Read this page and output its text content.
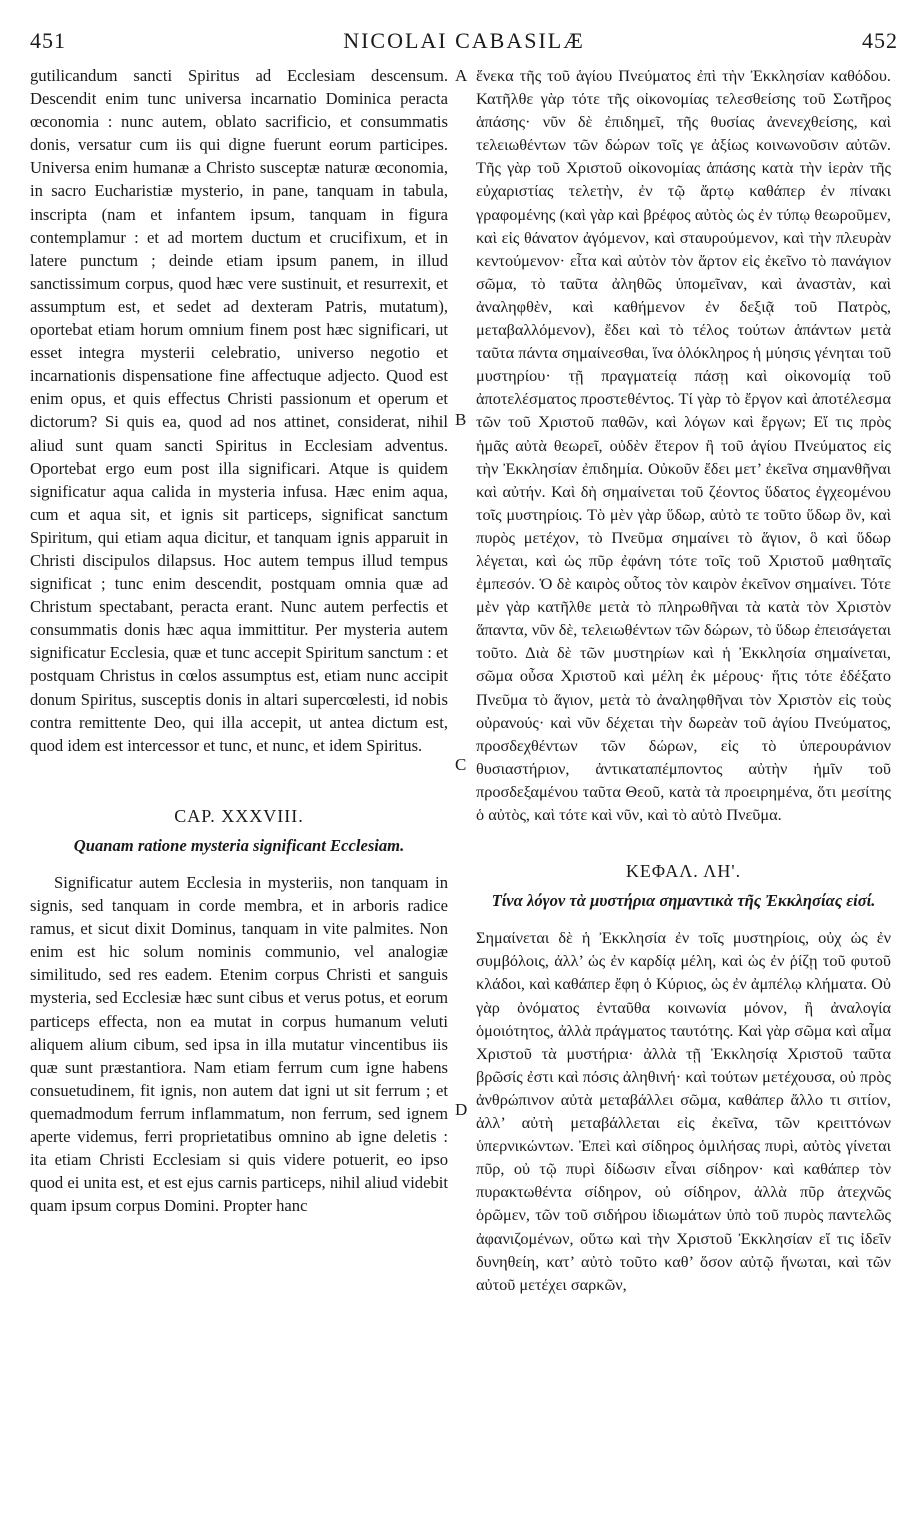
451	NICOLAI CABASILÆ	452

gutilicandum sancti Spiritus ad Ecclesiam descensum. Descendit enim tunc universa incarnatio Dominica peracta œconomia : nunc autem, oblato sacrificio, et consummatis donis, versatur cum iis qui digne fuerunt eorum participes. Universa enim humanæ a Christo susceptæ naturæ œconomia, in sacro Eucharistiæ mysterio, in pane, tanquam in tabula, inscripta (nam et infantem ipsum, tanquam in figura contemplamur : et ad mortem ductum et crucifixum, et in latere punctum ; deinde etiam ipsum panem, in illud sanctissimum corpus, quod hæc vere sustinuit, et resurrexit, et assumptum est, et sedet ad dexteram Patris, mutatum), oportebat etiam horum omnium finem post hæc significari, ut esset integra mysterii celebratio, universo negotio et incarnationis dispensatione fine affectuque adjecto. Quod est enim opus, et quis effectus Christi passionum et operum et dictorum? Si quis ea, quod ad nos attinet, considerat, nihil aliud sunt quam sancti Spiritus in Ecclesiam adventus. Oportebat ergo eum post illa significari. Atque is quidem significatur aqua calida in mysteria infusa. Hæc enim aqua, cum et aqua sit, et ignis sit particeps, significat sanctum Spiritum, qui etiam aqua dicitur, et tanquam ignis apparuit in Christi discipulos dilapsus. Hoc autem tempus illud tempus significat ; tunc enim descendit, postquam omnia quæ ad Christum spectabant, peracta erant. Nunc autem perfectis et consummatis donis hæc aqua immittitur. Per mysteria autem significatur Ecclesia, quæ et tunc accepit Spiritum sanctum : et postquam Christus in cœlos assumptus est, etiam nunc accipit donum Spiritus, susceptis donis in altari supercœlesti, id nobis contra remittente Deo, qui illa accepit, ut antea dictum est, quod idem est intercessor et tunc, et nunc, et idem Spiritus.

CAP. XXXVIII.
Quanam ratione mysteria significant Ecclesiam.

Significatur autem Ecclesia in mysteriis, non tanquam in signis, sed tanquam in corde membra, et in arboris radice ramus, et sicut dixit Dominus, tanquam in vite palmites. Non enim est hic solum nominis communio, vel analogiæ similitudo, sed res eadem. Etenim corpus Christi et sanguis mysteria, sed Ecclesiæ hæc sunt cibus et verus potus, et eorum particeps effecta, non ea mutat in corpus humanum veluti aliquem alium cibum, sed ipsa in illa mutatur vincentibus iis quæ sunt præstantiora. Nam etiam ferrum cum igne habens consuetudinem, fit ignis, non autem dat igni ut sit ferrum ; et quemadmodum ferrum inflammatum, non ferrum, sed ignem aperte videmus, ferri proprietatibus omnino ab igne deletis : ita etiam Christi Ecclesiam si quis videre potuerit, eo ipso quod ei unita est, et est ejus carnis particeps, nihil aliud videbit quam ipsum corpus Domini. Propter hanc

ἕνεκα τῆς τοῦ ἁγίου Πνεύματος ἐπὶ τὴν Ἐκκλησίαν καθόδου. Κατῆλθε γὰρ τότε τῆς οἰκονομίας τελεσθείσης τοῦ Σωτῆρος ἁπάσης· νῦν δὲ ἐπιδημεῖ, τῆς θυσίας ἀνενεχθείσης, καὶ τελειωθέντων τῶν δώρων τοῖς γε ἀξίως κοινωνοῦσιν αὐτῶν. Τῆς γὰρ τοῦ Χριστοῦ οἰκονομίας ἁπάσης κατὰ τὴν ἱερὰν τῆς εὐχαριστίας τελετὴν, ἐν τῷ ἄρτῳ καθάπερ ἐν πίνακι γραφομένης (καὶ γὰρ καὶ βρέφος αὐτὸς ὡς ἐν τύπῳ θεωροῦμεν, καὶ εἰς θάνατον ἀγόμενον, καὶ σταυρούμενον, καὶ τὴν πλευρὰν κεντούμενον· εἶτα καὶ αὐτὸν τὸν ἄρτον εἰς ἐκεῖνο τὸ πανάγιον σῶμα, τὸ ταῦτα ἀληθῶς ὑπομεῖναν, καὶ ἀναστὰν, καὶ ἀναληφθὲν, καὶ καθήμενον ἐν δεξιᾷ τοῦ Πατρὸς, μεταβαλλόμενον), ἔδει καὶ τὸ τέλος τούτων ἁπάντων μετὰ ταῦτα πάντα σημαίνεσθαι, ἵνα ὁλόκληρος ἡ μύησις γένηται τοῦ μυστηρίου· τῇ πραγματείᾳ πάσῃ καὶ οἰκονομίᾳ τοῦ ἀποτελέσματος προστεθέντος. Τί γὰρ τὸ ἔργον καὶ ἀποτέλεσμα τῶν τοῦ Χριστοῦ παθῶν, καὶ λόγων καὶ ἔργων; Εἴ τις πρὸς ἡμᾶς αὐτὰ θεωρεῖ, οὐδὲν ἕτερον ἢ τοῦ ἁγίου Πνεύματος εἰς τὴν Ἐκκλησίαν ἐπιδημία. Οὐκοῦν ἔδει μετ’ ἐκεῖνα σημανθῆναι καὶ αὐτήν. Καὶ δὴ σημαίνεται τοῦ ζέοντος ὕδατος ἐγχεομένου τοῖς μυστηρίοις. Τὸ μὲν γὰρ ὕδωρ, αὐτὸ τε τοῦτο ὕδωρ ὂν, καὶ πυρὸς μετέχον, τὸ Πνεῦμα σημαίνει τὸ ἅγιον, ὃ καὶ ὕδωρ λέγεται, καὶ ὡς πῦρ ἐφάνη τότε τοῖς τοῦ Χριστοῦ μαθηταῖς ἐμπεσόν. Ὁ δὲ καιρὸς οὗτος τὸν καιρὸν ἐκεῖνον σημαίνει. Τότε μὲν γὰρ κατῆλθε μετὰ τὸ πληρωθῆναι τὰ κατὰ τὸν Χριστὸν ἅπαντα, νῦν δὲ, τελειωθέντων τῶν δώρων, τὸ ὕδωρ ἐπεισάγεται τοῦτο. Διὰ δὲ τῶν μυστηρίων καὶ ἡ Ἐκκλησία σημαίνεται, σῶμα οὖσα Χριστοῦ καὶ μέλη ἐκ μέρους· ἥτις τότε ἐδέξατο Πνεῦμα τὸ ἅγιον, μετὰ τὸ ἀναληφθῆναι τὸν Χριστὸν εἰς τοὺς οὐρανούς· καὶ νῦν δέχεται τὴν δωρεὰν τοῦ ἁγίου Πνεύματος, προσδεχθέντων τῶν δώρων, εἰς τὸ ὑπερουράνιον θυσιαστήριον, ἀντικαταπέμποντος αὐτὴν ἡμῖν τοῦ προσδεξαμένου ταῦτα Θεοῦ, κατὰ τὰ προειρημένα, ὅτι μεσίτης ὁ αὐτὸς, καὶ τότε καὶ νῦν, καὶ τὸ αὐτὸ Πνεῦμα.

ΚΕΦΑΛ. ΛΗ'.
Τίνα λόγον τὰ μυστήρια σημαντικὰ τῆς Ἐκκλησίας εἰσί.

Σημαίνεται δὲ ἡ Ἐκκλησία ἐν τοῖς μυστηρίοις, οὐχ ὡς ἐν συμβόλοις, ἀλλ’ ὡς ἐν καρδίᾳ μέλη, καὶ ὡς ἐν ῥίζῃ τοῦ φυτοῦ κλάδοι, καὶ καθάπερ ἔφη ὁ Κύριος, ὡς ἐν ἀμπέλῳ κλήματα. Οὐ γὰρ ὀνόματος ἐνταῦθα κοινωνία μόνον, ἢ ἀναλογία ὁμοιότητος, ἀλλὰ πράγματος ταυτότης. Καὶ γὰρ σῶμα καὶ αἷμα Χριστοῦ τὰ μυστήρια· ἀλλὰ τῇ Ἐκκλησίᾳ Χριστοῦ ταῦτα βρῶσίς ἐστι καὶ πόσις ἀληθινή· καὶ τούτων μετέχουσα, οὐ πρὸς ἀνθρώπινον αὐτὰ μεταβάλλει σῶμα, καθάπερ ἄλλο τι σιτίον, ἀλλ’ αὐτὴ μεταβάλλεται εἰς ἐκεῖνα, τῶν κρειττόνων ὑπερνικώντων. Ἐπεὶ καὶ σίδηρος ὁμιλήσας πυρὶ, αὐτὸς γίνεται πῦρ, οὐ τῷ πυρὶ δίδωσιν εἶναι σίδηρον· καὶ καθάπερ τὸν πυρακτωθέντα σίδηρον, οὐ σίδηρον, ἀλλὰ πῦρ ἀτεχνῶς ὁρῶμεν, τῶν τοῦ σιδήρου ἰδιωμάτων ὑπὸ τοῦ πυρὸς παντελῶς ἀφανιζομένων, οὕτω καὶ τὴν Χριστοῦ Ἐκκλησίαν εἴ τις ἰδεῖν δυνηθείη, κατ’ αὐτὸ τοῦτο καθ’ ὅσον αὐτῷ ἥνωται, καὶ τῶν αὐτοῦ μετέχει σαρκῶν,

A
B
C
D
